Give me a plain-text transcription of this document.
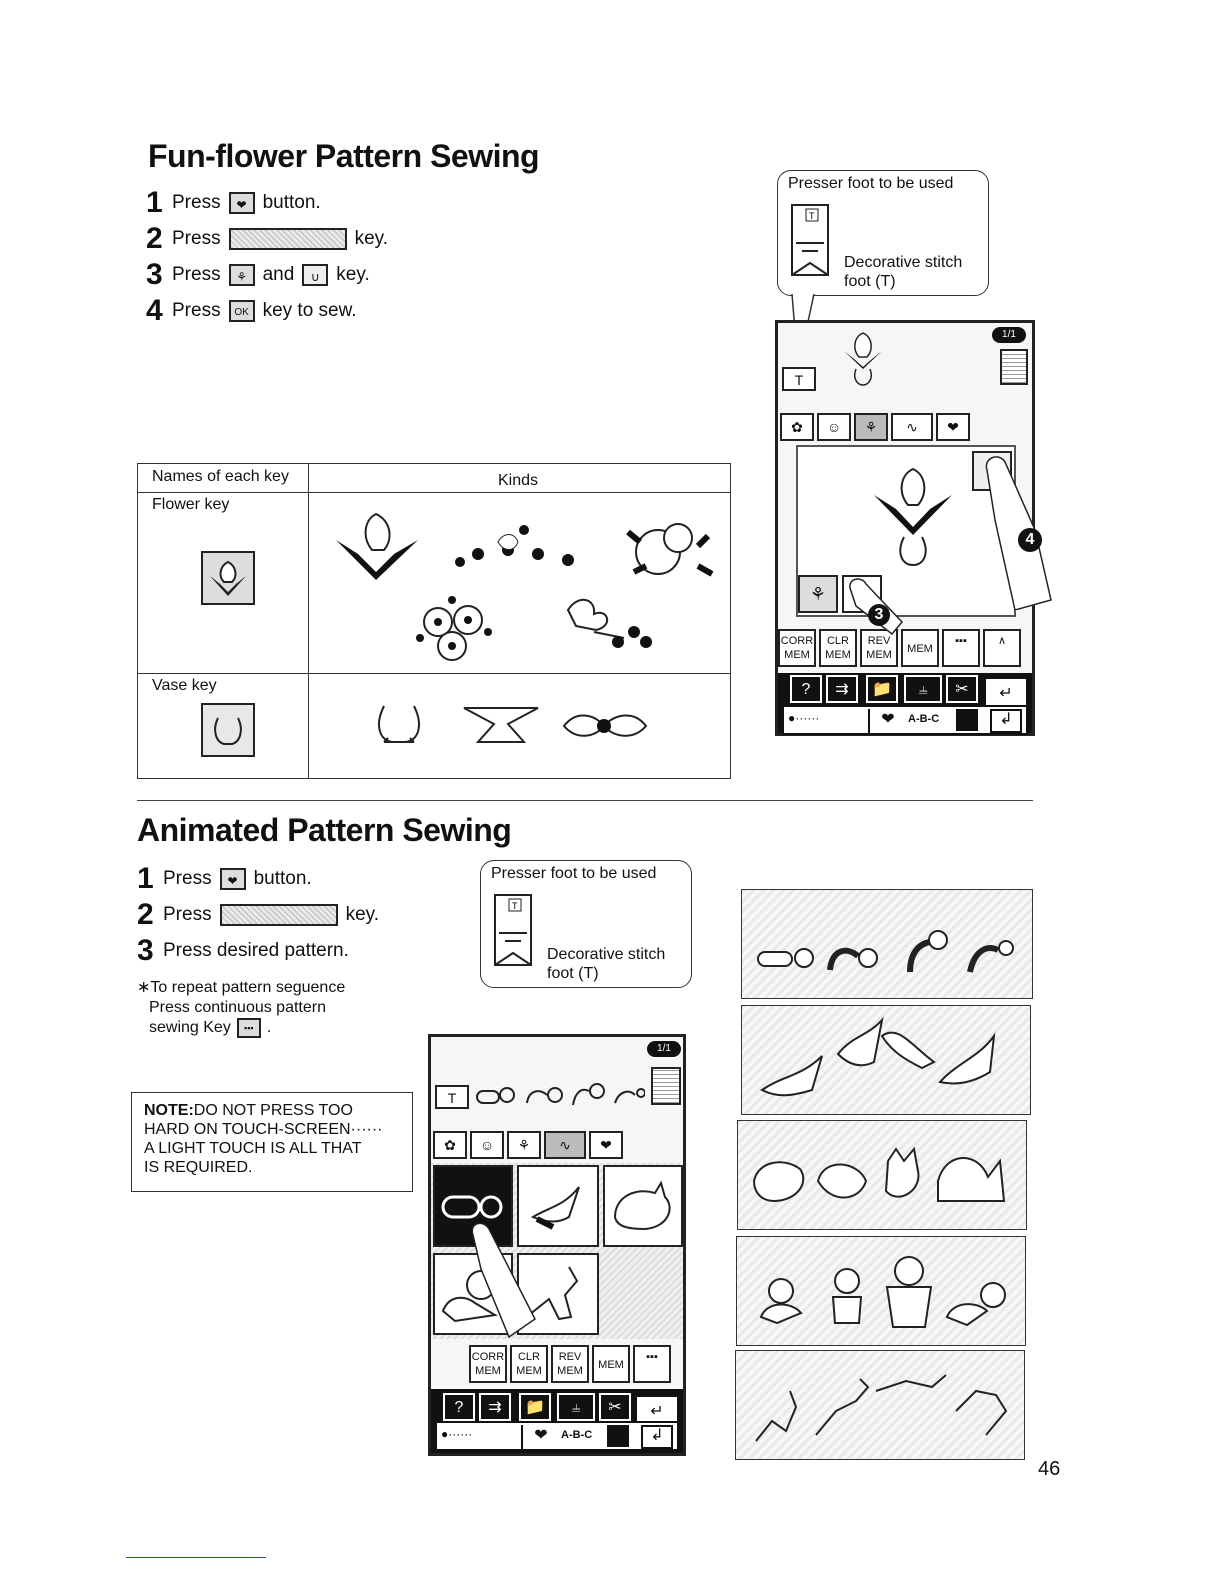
Fun-flower Pattern Sewing
1 Press	❤ button.
2 Press	key.
3 Press	⚘ and	∪ key.
4 Press	OK key to sew.
Names of each key	Kinds
Flower key
Vase key
Presser foot to be used
T
Decorative stitch
foot (T)
T
1/1
✿	☺	⚘	∿	❤
⚘
CORR MEM
CLR MEM
REV MEM	MEM
▪▪▪	∧
?	⇉	📁	⫨	✂	↵
●······	❤	A-B-C	↲
4
3
Animated Pattern Sewing
1 Press	❤ button.
2 Press	key.
3 Press desired pattern.
∗To repeat pattern seguence
Press continuous pattern
sewing Key	▪▪▪ .
NOTE:DO NOT PRESS TOO
HARD ON TOUCH-SCREEN······
A LIGHT TOUCH IS ALL THAT
IS REQUIRED.
Presser foot to be used
T
Decorative stitch
foot (T)
T
1/1
✿	☺	⚘	∿	❤
CORR MEM
CLR MEM
REV MEM	MEM
▪▪▪
?	⇉	📁	⫨	✂	↵
●······	❤	A-B-C	↲
46
